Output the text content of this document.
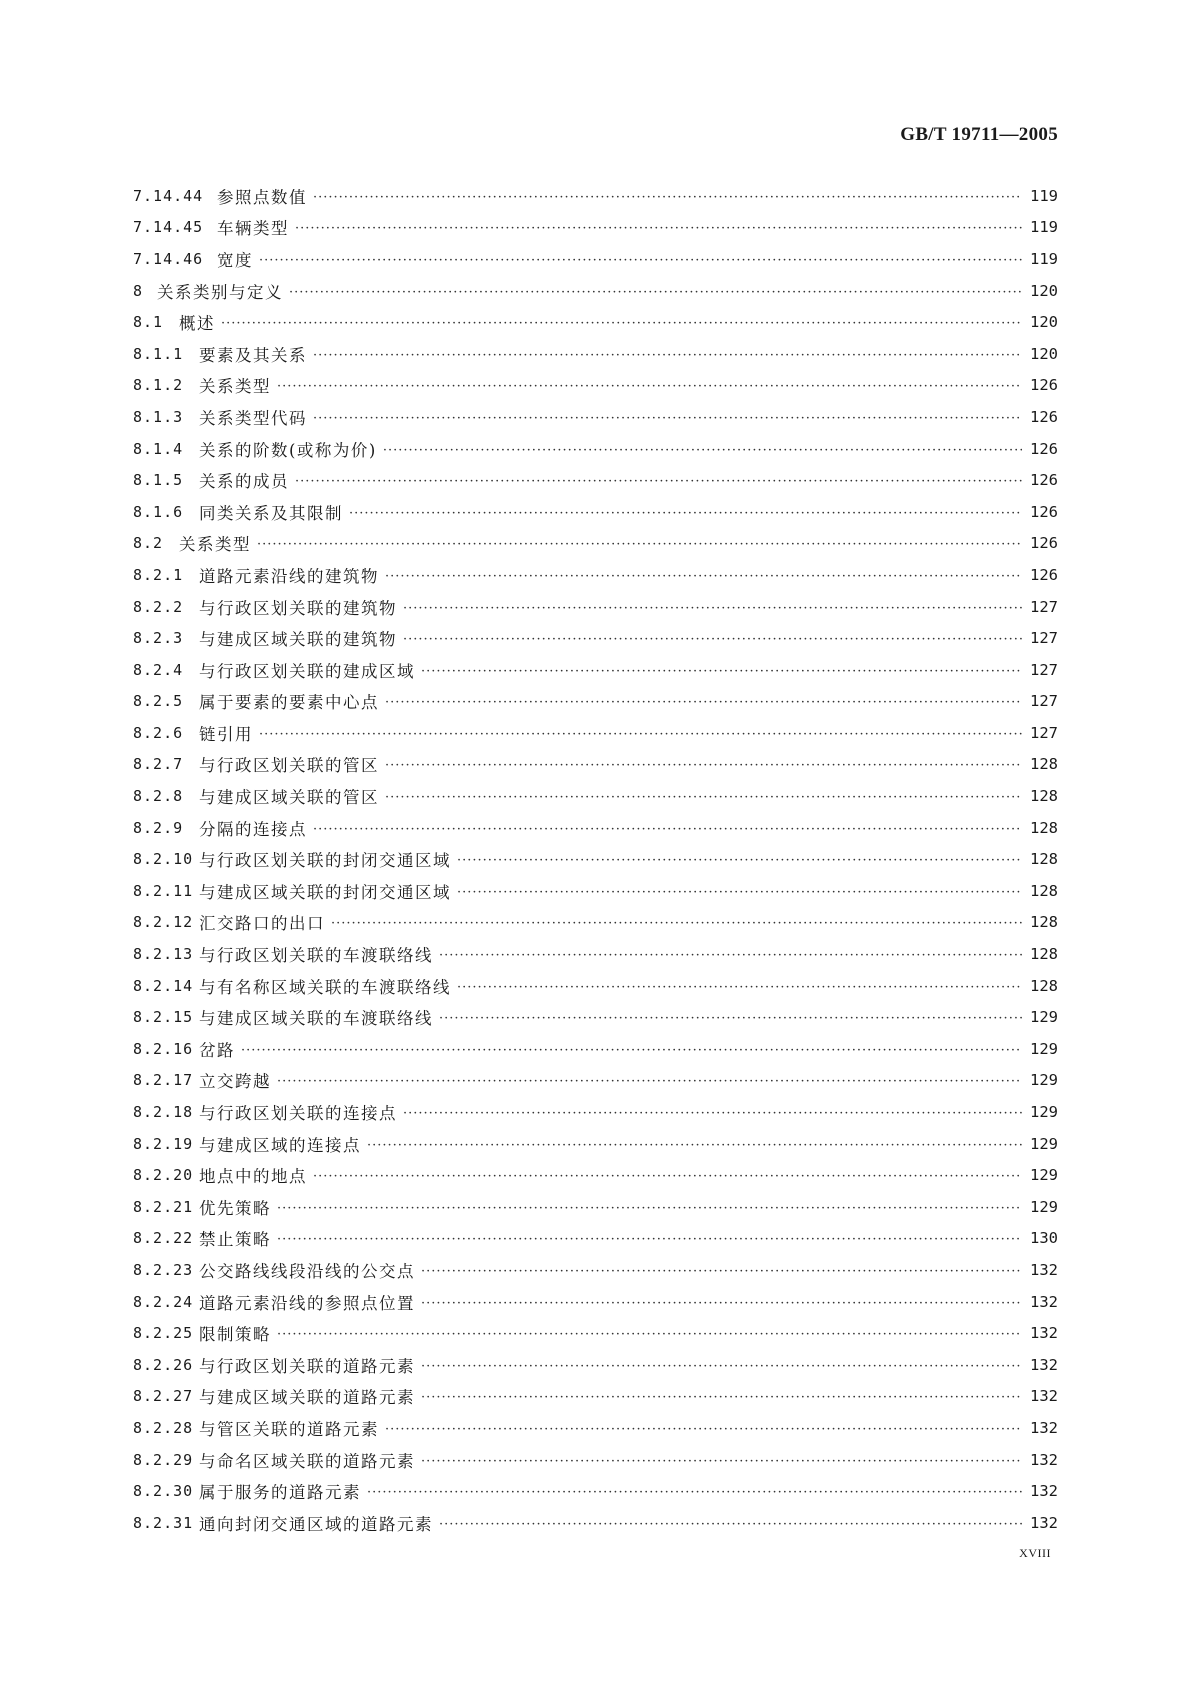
GB/T 19711—2005
7.14.44 参照点数值 ·····	119
7.14.45 车辆类型 ·····	119
7.14.46 宽度 ·····	119
8 关系类别与定义 ·····	120
8.1 概述 ·····	120
8.1.1 要素及其关系 ·····	120
8.1.2 关系类型 ·····	126
8.1.3 关系类型代码 ·····	126
8.1.4 关系的阶数(或称为价) ·····	126
8.1.5 关系的成员 ·····	126
8.1.6 同类关系及其限制 ·····	126
8.2 关系类型 ·····	126
8.2.1 道路元素沿线的建筑物 ·····	126
8.2.2 与行政区划关联的建筑物 ·····	127
8.2.3 与建成区域关联的建筑物 ·····	127
8.2.4 与行政区划关联的建成区域 ·····	127
8.2.5 属于要素的要素中心点 ·····	127
8.2.6 链引用 ·····	127
8.2.7 与行政区划关联的管区 ·····	128
8.2.8 与建成区域关联的管区 ·····	128
8.2.9 分隔的连接点 ·····	128
8.2.10 与行政区划关联的封闭交通区域 ·····	128
8.2.11 与建成区域关联的封闭交通区域 ·····	128
8.2.12 汇交路口的出口 ·····	128
8.2.13 与行政区划关联的车渡联络线 ·····	128
8.2.14 与有名称区域关联的车渡联络线 ·····	128
8.2.15 与建成区域关联的车渡联络线 ·····	129
8.2.16 岔路 ·····	129
8.2.17 立交跨越 ·····	129
8.2.18 与行政区划关联的连接点 ·····	129
8.2.19 与建成区域的连接点 ·····	129
8.2.20 地点中的地点 ·····	129
8.2.21 优先策略 ·····	129
8.2.22 禁止策略 ·····	130
8.2.23 公交路线线段沿线的公交点 ·····	132
8.2.24 道路元素沿线的参照点位置 ·····	132
8.2.25 限制策略 ·····	132
8.2.26 与行政区划关联的道路元素 ·····	132
8.2.27 与建成区域关联的道路元素 ·····	132
8.2.28 与管区关联的道路元素 ·····	132
8.2.29 与命名区域关联的道路元素 ·····	132
8.2.30 属于服务的道路元素 ·····	132
8.2.31 通向封闭交通区域的道路元素 ·····	132
XVIII
